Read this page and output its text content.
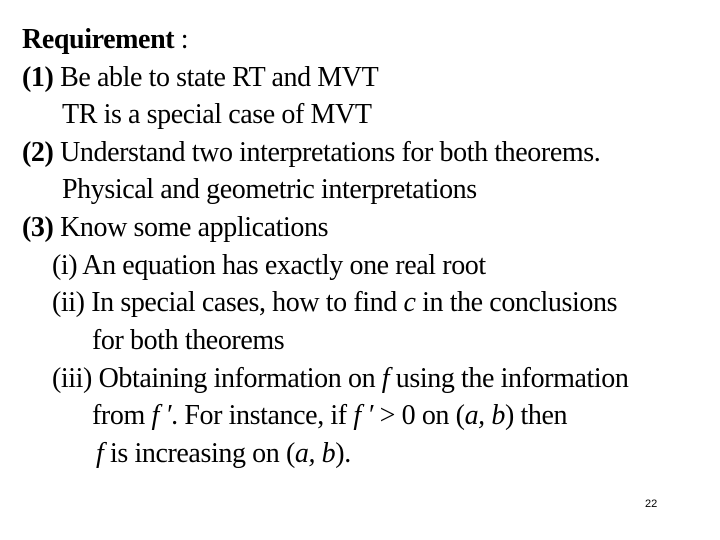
Requirement :
(1) Be able to state RT and MVT
TR is a special case of MVT
(2) Understand two interpretations for both theorems.
Physical and geometric interpretations
(3) Know some applications
(i) An equation has exactly one real root
(ii) In special cases, how to find c in the conclusions
for both theorems
(iii) Obtaining information on f using the information
from f ′. For instance, if f ′ > 0 on (a, b) then
f is increasing on (a, b).
22
